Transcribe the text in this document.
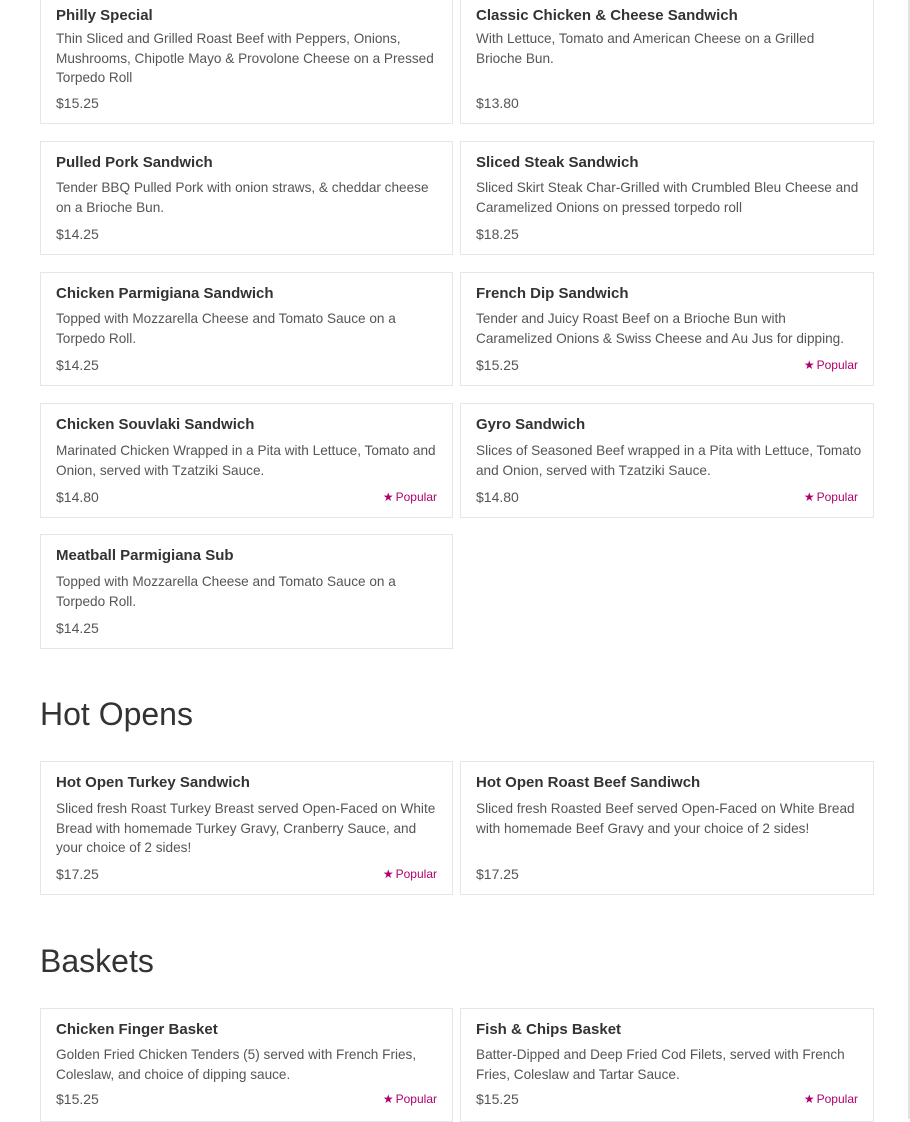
Philly Special
Thin Sliced and Grilled Roast Beef with Peppers, Onions, Mushrooms, Chipotle Mayo & Provolone Cheese on a Pressed Torpedo Roll
$15.25
Classic Chicken & Cheese Sandwich
With Lettuce, Tomato and American Cheese on a Grilled Brioche Bun.
$13.80
Pulled Pork Sandwich
Tender BBQ Pulled Pork with onion straws, & cheddar cheese on a Brioche Bun.
$14.25
Sliced Steak Sandwich
Sliced Skirt Steak Char-Grilled with Crumbled Bleu Cheese and Caramelized Onions on pressed torpedo roll
$18.25
Chicken Parmigiana Sandwich
Topped with Mozzarella Cheese and Tomato Sauce on a Torpedo Roll.
$14.25
French Dip Sandwich
Tender and Juicy Roast Beef on a Brioche Bun with Caramelized Onions & Swiss Cheese and Au Jus for dipping.
$15.25	★ Popular
Chicken Souvlaki Sandwich
Marinated Chicken Wrapped in a Pita with Lettuce, Tomato and Onion, served with Tzatziki Sauce.
$14.80	★ Popular
Gyro Sandwich
Slices of Seasoned Beef wrapped in a Pita with Lettuce, Tomato and Onion, served with Tzatziki Sauce.
$14.80	★ Popular
Meatball Parmigiana Sub
Topped with Mozzarella Cheese and Tomato Sauce on a Torpedo Roll.
$14.25
Hot Opens
Hot Open Turkey Sandwich
Sliced fresh Roast Turkey Breast served Open-Faced on White Bread with homemade Turkey Gravy, Cranberry Sauce, and your choice of 2 sides!
$17.25	★ Popular
Hot Open Roast Beef Sandiwch
Sliced fresh Roasted Beef served Open-Faced on White Bread with homemade Beef Gravy and your choice of 2 sides!
$17.25
Baskets
Chicken Finger Basket
Golden Fried Chicken Tenders (5) served with French Fries, Coleslaw, and choice of dipping sauce.
$15.25	★ Popular
Fish & Chips Basket
Batter-Dipped and Deep Fried Cod Filets, served with French Fries, Coleslaw and Tartar Sauce.
$15.25	★ Popular
